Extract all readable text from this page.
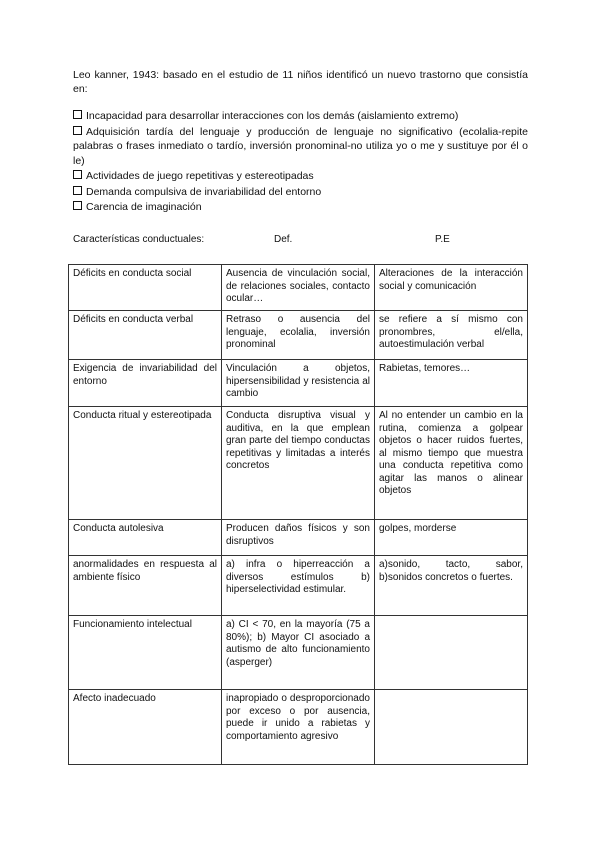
Leo kanner, 1943: basado en el estudio de 11 niños identificó un nuevo trastorno que consistía en:

Incapacidad para desarrollar interacciones con los demás (aislamiento extremo)
Adquisición tardía del lenguaje y producción de lenguaje no significativo (ecolalia-repite palabras o frases inmediato o tardío, inversión pronominal-no utiliza yo o me y sustituye por él o le)
Actividades de juego repetitivas y estereotipadas
Demanda compulsiva de invariabilidad del entorno
Carencia de imaginación
Características conductuales:	Def.	P.E
Déficits en conducta social	Ausencia de vinculación social, de relaciones sociales, contacto ocular…	Alteraciones de la interacción social y comunicación
Déficits en conducta verbal	Retraso o ausencia del lenguaje, ecolalia, inversión pronominal	se refiere a sí mismo con pronombres, el/ella, autoestimulación verbal
Exigencia de invariabilidad del entorno	Vinculación a objetos, hipersensibilidad y resistencia al cambio	Rabietas, temores…
Conducta ritual y estereotipada	Conducta disruptiva visual y auditiva, en la que emplean gran parte del tiempo conductas repetitivas y limitadas a interés concretos	Al no entender un cambio en la rutina, comienza a golpear objetos o hacer ruidos fuertes, al mismo tiempo que muestra una conducta repetitiva como agitar las manos o alinear objetos
Conducta autolesiva	Producen daños físicos y son disruptivos	golpes, morderse
anormalidades en respuesta al ambiente físico	a) infra o hiperreacción a diversos estímulos b) hiperselectividad estimular.	a)sonido, tacto, sabor, b)sonidos concretos o fuertes.
Funcionamiento intelectual	a) CI < 70, en la mayoría (75 a 80%); b) Mayor CI asociado a autismo de alto funcionamiento (asperger)	
Afecto inadecuado	inapropiado o desproporcionado por exceso o por ausencia, puede ir unido a rabietas y comportamiento agresivo	
